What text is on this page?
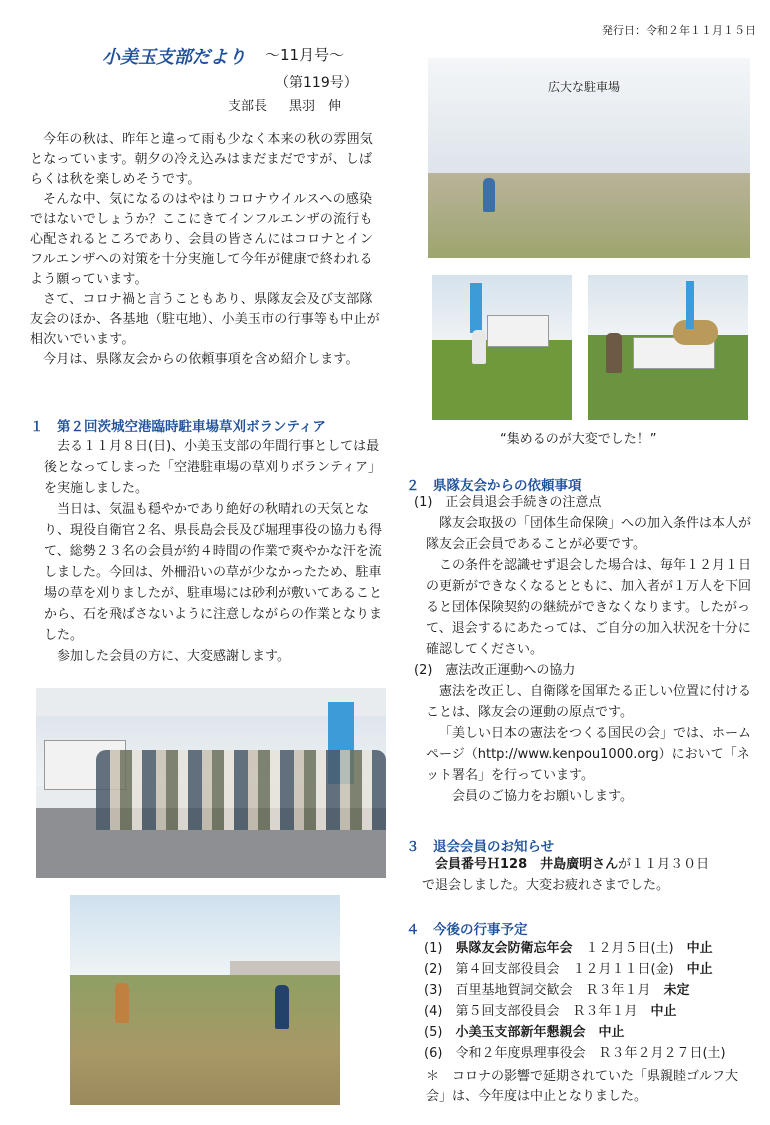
発行日：令和２年１１月１５日
小美玉支部だより ～11月号～
（第119号）
支部長 黒羽　伸

今年の秋は、昨年と違って雨も少なく本来の秋の雰囲気となっています。朝夕の冷え込みはまだまだですが、しばらくは秋を楽しめそうです。

そんな中、気になるのはやはりコロナウイルスへの感染ではないでしょうか？ここにきてインフルエンザの流行も心配されるところであり、会員の皆さんにはコロナとインフルエンザへの対策を十分実施して今年が健康で終われるよう願っています。

さて、コロナ禍と言うこともあり、県隊友会及び支部隊友会のほか、各基地（駐屯地）、小美玉市の行事等も中止が相次いでいます。

今月は、県隊友会からの依頼事項を含め紹介します。

１　第２回茨城空港臨時駐車場草刈ボランティア

去る１１月８日(日)、小美玉支部の年間行事としては最後となってしまった「空港駐車場の草刈りボランティア」を実施しました。

当日は、気温も穏やかであり絶好の秋晴れの天気となり、現役自衛官２名、県長島会長及び堀理事役の協力も得て、総勢２３名の会員が約４時間の作業で爽やかな汗を流しました。今回は、外柵沿いの草が少なかったため、駐車場の草を刈りましたが、駐車場には砂利が敷いてあることから、石を飛ばさないように注意しながらの作業となりました。

参加した会員の方に、大変感謝します。

広大な駐車場
“集めるのが大変でした！”
２　県隊友会からの依頼事項

(1)　正会員退会手続きの注意点

隊友会取扱の「団体生命保険」への加入条件は本人が隊友会正会員であることが必要です。

この条件を認識せず退会した場合は、毎年１２月１日の更新ができなくなるとともに、加入者が１万人を下回ると団体保険契約の継続ができなくなります。したがって、退会するにあたっては、ご自分の加入状況を十分に確認してください。

(2)　憲法改正運動への協力

憲法を改正し、自衛隊を国軍たる正しい位置に付けることは、隊友会の運動の原点です。

「美しい日本の憲法をつくる国民の会」では、ホームページ（http://www.kenpou1000.org）において「ネット署名」を行っています。

会員のご協力をお願いします。

３　退会会員のお知らせ
会員番号Ｈ128　井島廣明さんが１１月３０日
で退会しました。大変お疲れさまでした。
４　今後の行事予定
(1)　 県隊友会防衛忘年会　 １２月５日(土)　 中止
(2)　 第４回支部役員会　 １２月１１日(金)　 中止
(3)　 百里基地賀詞交歓会　 Ｒ３年１月　 未定
(4)　 第５回支部役員会　 Ｒ３年１月　 中止
(5)　 小美玉支部新年懇親会　 中止
(6)　 令和２年度県理事役会　 Ｒ３年２月２７日(土)
＊　コロナの影響で延期されていた「県親睦ゴルフ大会」は、今年度は中止となりました。
